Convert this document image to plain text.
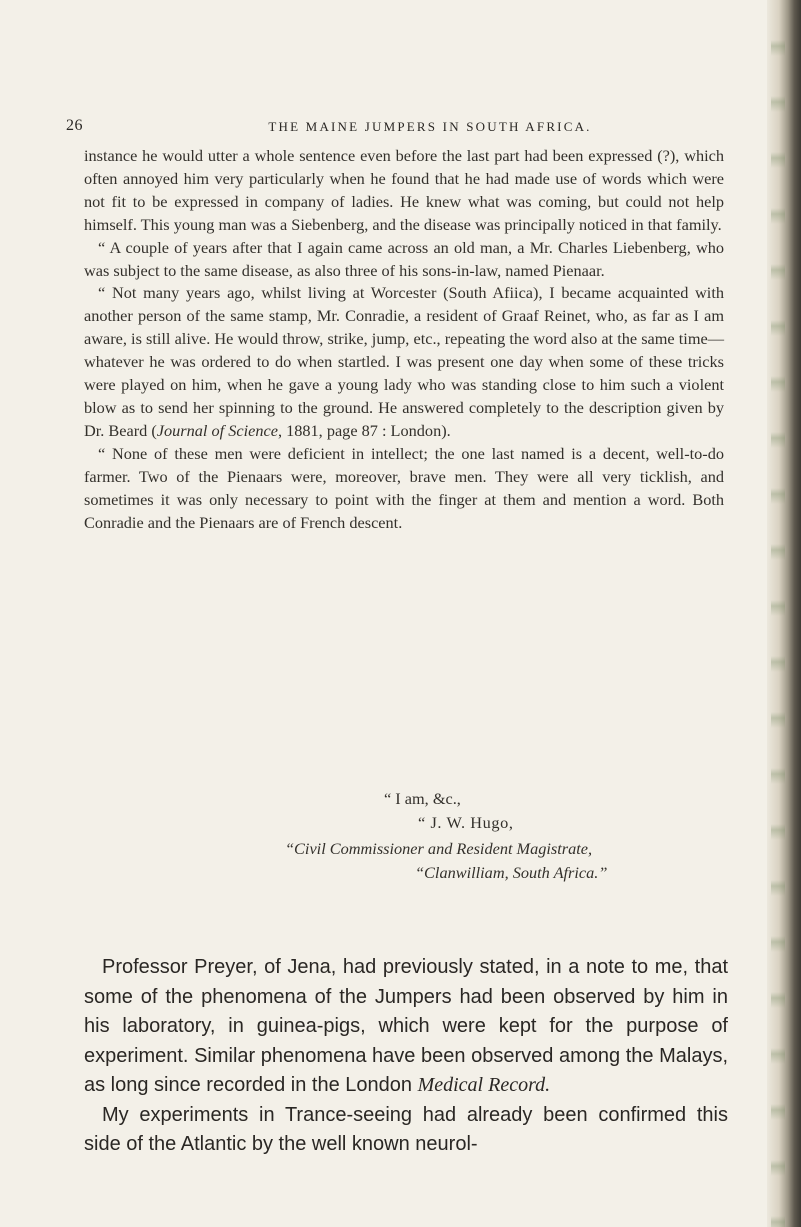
26	THE MAINE JUMPERS IN SOUTH AFRICA.

instance he would utter a whole sentence even before the last part had been expressed (?), which often annoyed him very particularly when he found that he had made use of words which were not fit to be expressed in company of ladies. He knew what was coming, but could not help himself. This young man was a Siebenberg, and the disease was principally noticed in that family.

“ A couple of years after that I again came across an old man, a Mr. Charles Liebenberg, who was subject to the same disease, as also three of his sons-in-law, named Pienaar.

“ Not many years ago, whilst living at Worcester (South Afiica), I became acquainted with another person of the same stamp, Mr. Conradie, a resident of Graaf Reinet, who, as far as I am aware, is still alive. He would throw, strike, jump, etc., repeating the word also at the same time—whatever he was ordered to do when startled. I was present one day when some of these tricks were played on him, when he gave a young lady who was standing close to him such a violent blow as to send her spinning to the ground. He answered completely to the description given by Dr. Beard (Journal of Science, 1881, page 87 : London).

“ None of these men were deficient in intellect; the one last named is a decent, well-to-do farmer. Two of the Pienaars were, moreover, brave men. They were all very ticklish, and sometimes it was only necessary to point with the finger at them and mention a word. Both Conradie and the Pienaars are of French descent.

“ I am, &c.,
“ J. W. Hugo,
“Civil Commissioner and Resident Magistrate,
“Clanwilliam, South Africa.”

Professor Preyer, of Jena, had previously stated, in a note to me, that some of the phenomena of the Jumpers had been observed by him in his laboratory, in guinea-pigs, which were kept for the purpose of experiment. Similar phenomena have been observed among the Malays, as long since recorded in the London Medical Record.

My experiments in Trance-seeing had already been confirmed this side of the Atlantic by the well known neurol-
